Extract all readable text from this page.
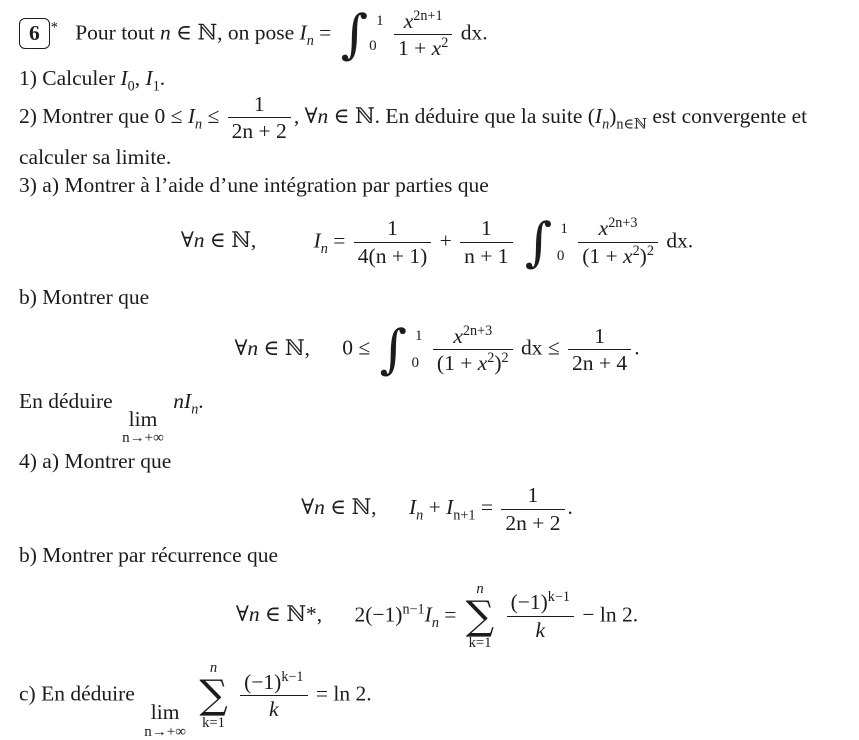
6 * Pour tout n ∈ ℕ, on pose $I_n$ = ∫ 1
0
$\frac{x^{2n+1}}{1 + x^2}$ dx.

1) Calculer $I_0$, $I_1$.

2) Montrer que $0 \le I_n \le \frac{1}{2n + 2}$ , ∀n ∈ ℕ. En déduire que la suite $(I_n)_{n\in ℕ}$ est convergente et

calculer sa limite.

3) a) Montrer à l’aide d’une intégration par parties que

∀n ∈ ℕ,	$I_n = \frac{1}{4(n + 1)} + \frac{1}{n + 1}$
∫ 1
0
$\frac{x^{2n+3}}{(1 + x^2)^2}$ dx.

b) Montrer que

∀n ∈ ℕ, 0 ≤ ∫ 1
0
$\frac{x^{2n+3}}{(1 + x^2)^2}$ dx ≤ $\frac{1}{2n + 4}$ .

En déduire
lim
n→+∞
$nI_n$.

4) a) Montrer que

∀n ∈ ℕ, $I_n + I_{n+1} = \frac{1}{2n + 2}$ .

b) Montrer par récurrence que

∀n ∈ ℕ*, $2(-1)^{n-1}I_n$ =
n
∑
k=1

$\frac{(-1)^{k-1}}{k} - \ln 2$.

c) En déduire
lim
n→+∞

n
∑
k=1

$\frac{(-1)^{k-1}}{k} = \ln 2$.
